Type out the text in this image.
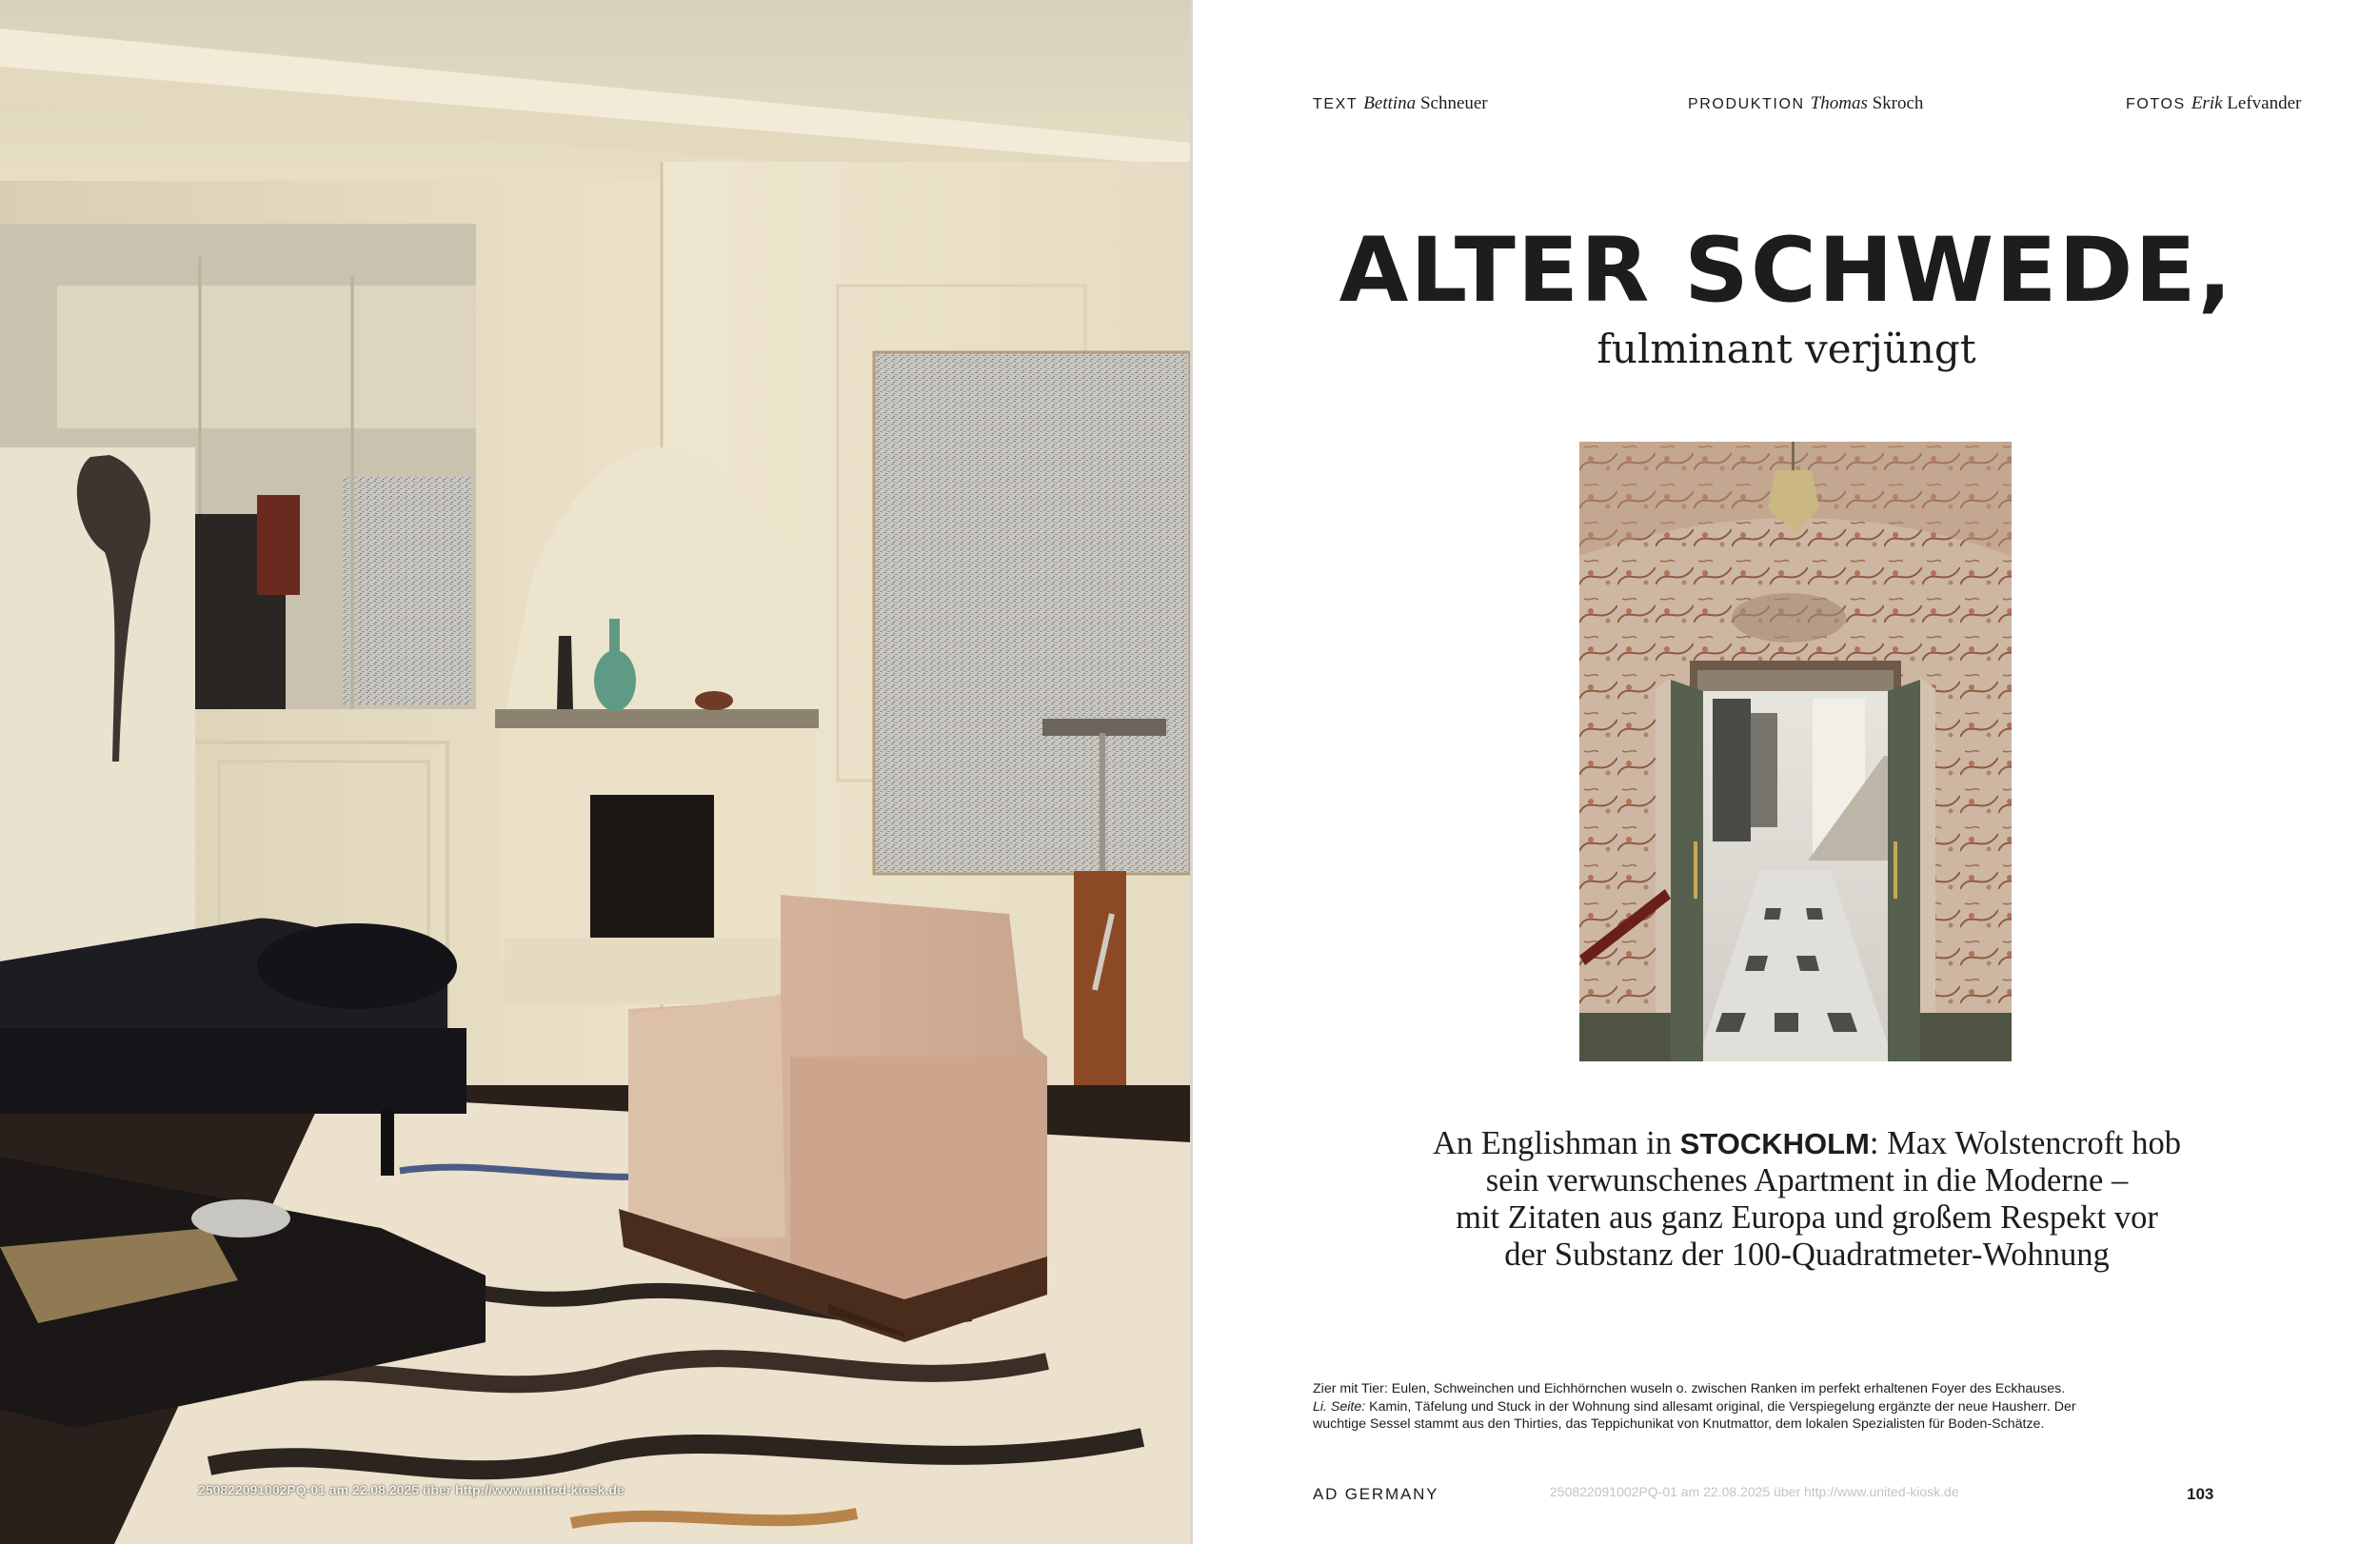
TEXT Bettina Schneuer	PRODUKTION Thomas Skroch	FOTOS Erik Lefvander
ALTER SCHWEDE,
fulminant verjüngt
An Englishman in STOCKHOLM: Max Wolstencroft hob
sein verwunschenes Apartment in die Moderne –
mit Zitaten aus ganz Europa und großem Respekt vor
der Substanz der 100-Quadratmeter-Wohnung
Zier mit Tier: Eulen, Schweinchen und Eichhörnchen wuseln o. zwischen Ranken im perfekt erhaltenen Foyer des Eckhauses.
Li. Seite: Kamin, Täfelung und Stuck in der Wohnung sind allesamt original, die Verspiegelung ergänzte der neue Hausherr. Der
wuchtige Sessel stammt aus den Thirties, das Teppichunikat von Knutmattor, dem lokalen Spezialisten für Boden-Schätze.
AD GERMANY	250822091002PQ-01 am 22.08.2025 über http://www.united-kiosk.de	103
250822091002PQ-01 am 22.08.2025 über http://www.united-kiosk.de
